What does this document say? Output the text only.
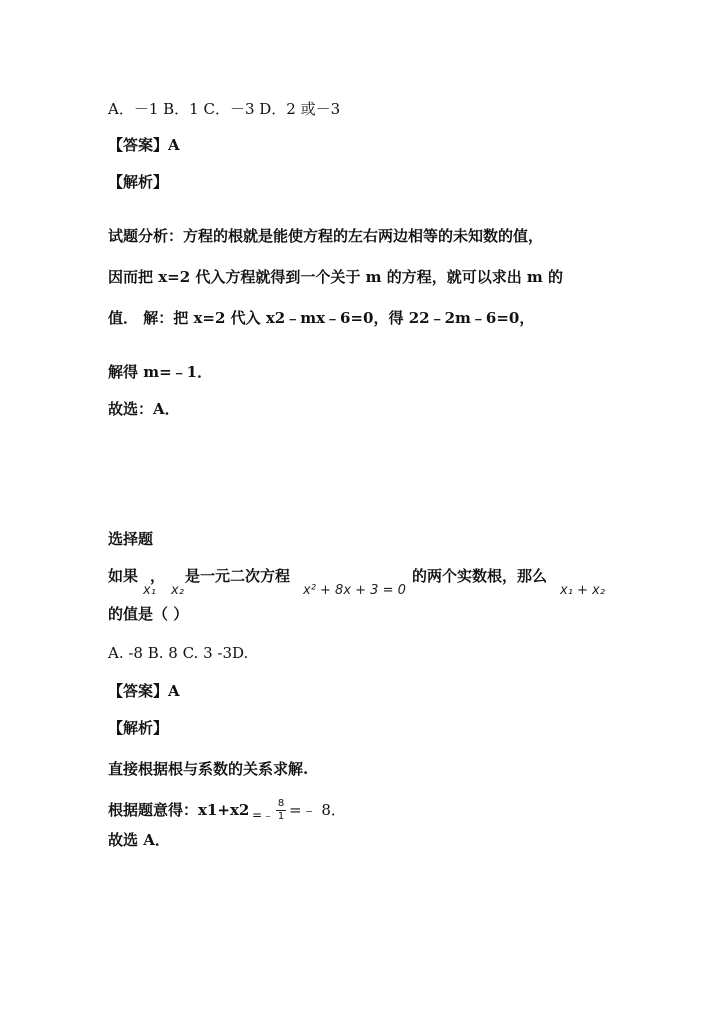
A．－1 B．1 C．－3 D．2 或－3
【答案】A
【解析】
试题分析：方程的根就是能使方程的左右两边相等的未知数的值，
因而把 x=2 代入方程就得到一个关于 m 的方程，就可以求出 m 的
值． 解：把 x=2 代入 x2﹣mx﹣6=0，得 22﹣2m﹣6=0，
解得 m=﹣1．
故选：A．
选择题
如果
x₁
，
x₂
是一元二次方程
x² + 8x + 3 = 0
的两个实数根，那么
x₁ + x₂
的值是（ ）
A. -8 B. 8 C. 3 -3D.
【答案】A
【解析】
直接根据根与系数的关系求解.
根据题意得：x1+x2 =﹣
8
1 =﹣ 8．
故选 A．
